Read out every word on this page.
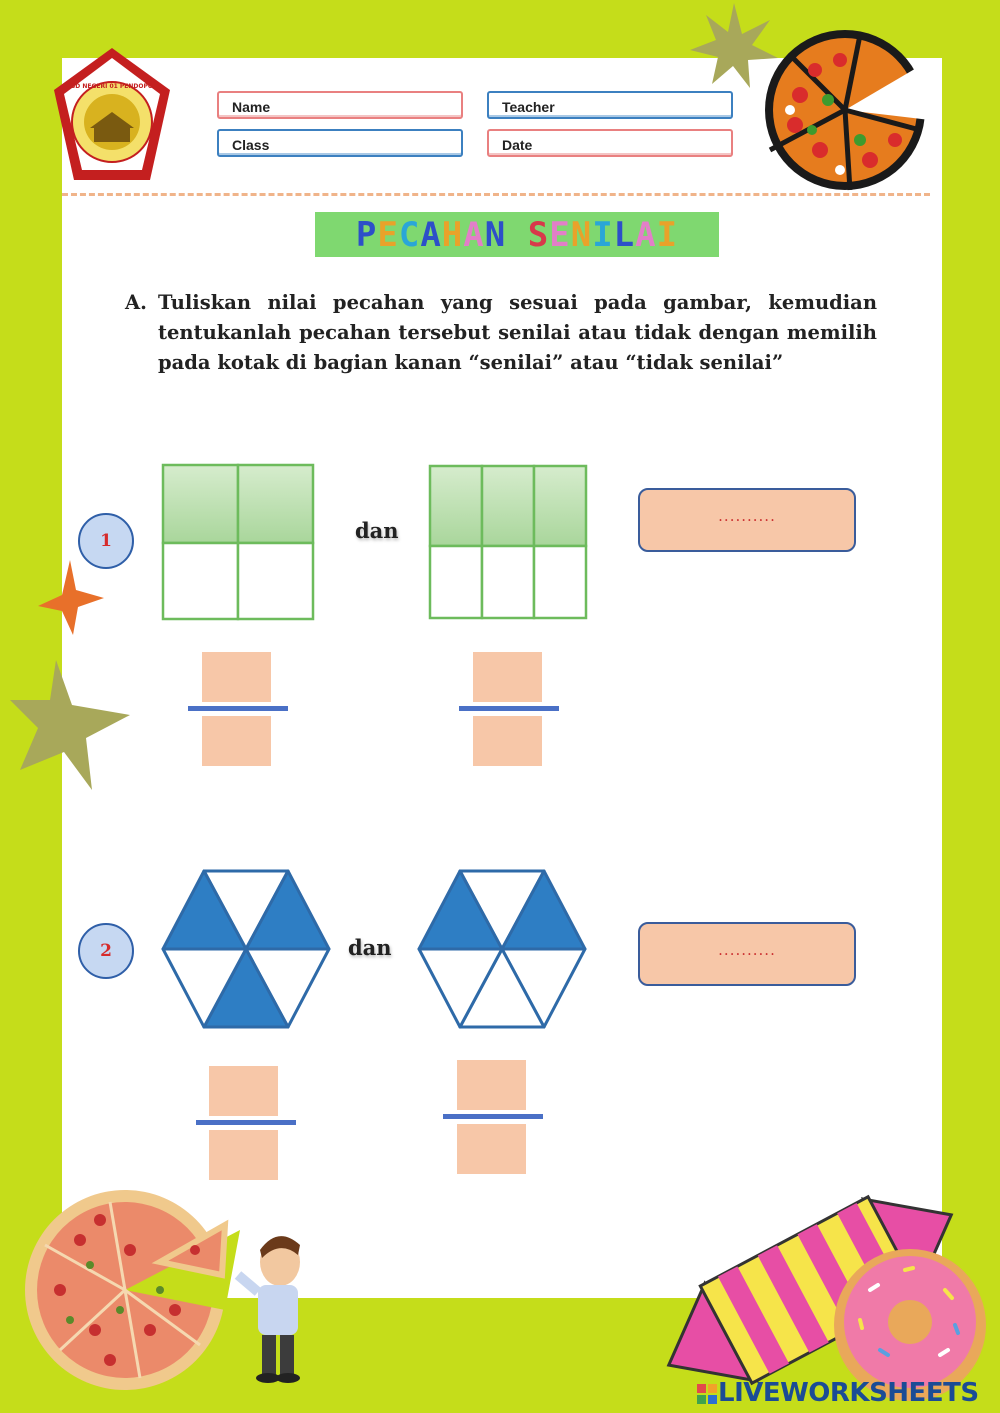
SD NEGERI 01 PENDOPO
Name	Teacher
Class	Date
PECAHAN SENILAI
A. Tuliskan nilai pecahan yang sesuai pada gambar, kemudian tentukanlah pecahan tersebut senilai atau tidak dengan memilih pada kotak di bagian kanan “senilai” atau “tidak senilai”
1	dan
..........
2	dan	..........

LIVEWORKSHEETS
